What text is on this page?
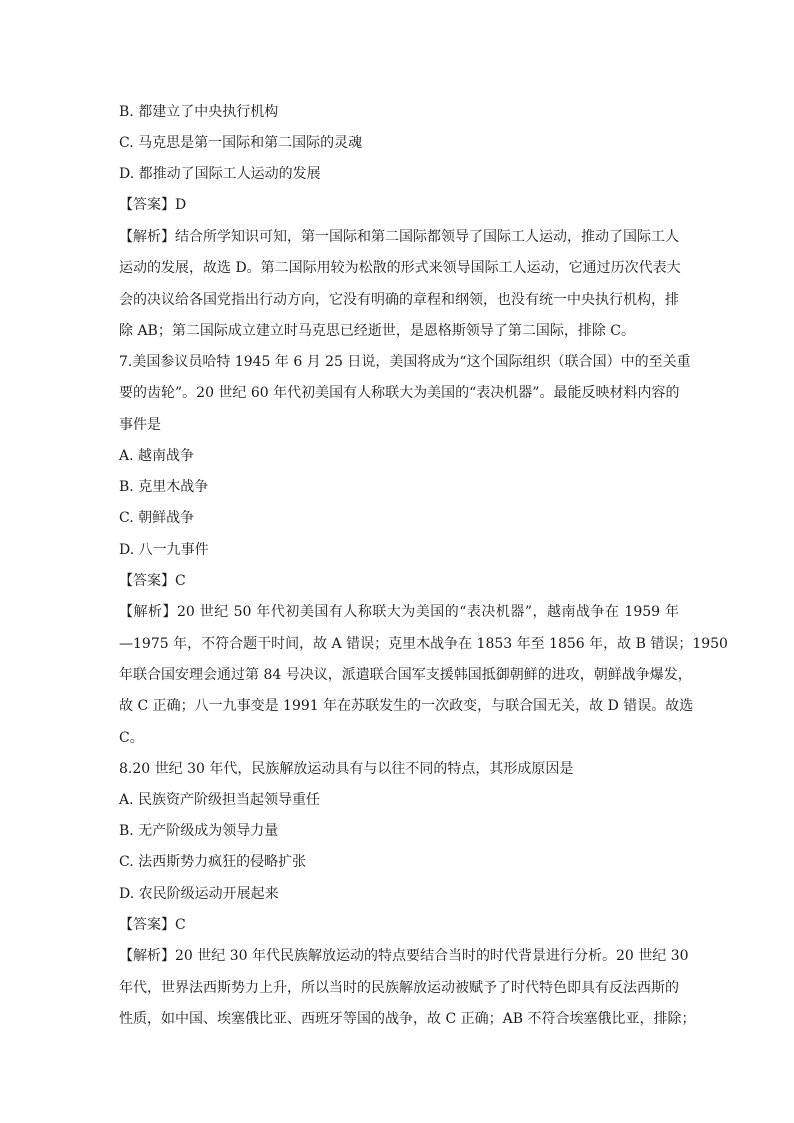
B. 都建立了中央执行机构
C. 马克思是第一国际和第二国际的灵魂
D. 都推动了国际工人运动的发展
【答案】D
【解析】结合所学知识可知，第一国际和第二国际都领导了国际工人运动，推动了国际工人
运动的发展，故选 D。第二国际用较为松散的形式来领导国际工人运动，它通过历次代表大
会的决议给各国党指出行动方向，它没有明确的章程和纲领，也没有统一中央执行机构，排
除 AB；第二国际成立建立时马克思已经逝世，是恩格斯领导了第二国际，排除 C。
7.美国参议员哈特 1945 年 6 月 25 日说，美国将成为“这个国际组织（联合国）中的至关重
要的齿轮”。20 世纪 60 年代初美国有人称联大为美国的“表决机器”。最能反映材料内容的
事件是
A. 越南战争
B. 克里木战争
C. 朝鲜战争
D. 八一九事件
【答案】C
【解析】20 世纪 50 年代初美国有人称联大为美国的“表决机器”，越南战争在 1959 年
—1975 年，不符合题干时间，故 A 错误；克里木战争在 1853 年至 1856 年，故 B 错误；1950
年联合国安理会通过第 84 号决议，派遣联合国军支援韩国抵御朝鲜的进攻，朝鲜战争爆发，
故 C 正确；八一九事变是 1991 年在苏联发生的一次政变，与联合国无关，故 D 错误。故选
C。
8.20 世纪 30 年代，民族解放运动具有与以往不同的特点，其形成原因是
A. 民族资产阶级担当起领导重任
B. 无产阶级成为领导力量
C. 法西斯势力疯狂的侵略扩张
D. 农民阶级运动开展起来
【答案】C
【解析】20 世纪 30 年代民族解放运动的特点要结合当时的时代背景进行分析。20 世纪 30
年代，世界法西斯势力上升，所以当时的民族解放运动被赋予了时代特色即具有反法西斯的
性质，如中国、埃塞俄比亚、西班牙等国的战争，故 C 正确；AB 不符合埃塞俄比亚，排除；
